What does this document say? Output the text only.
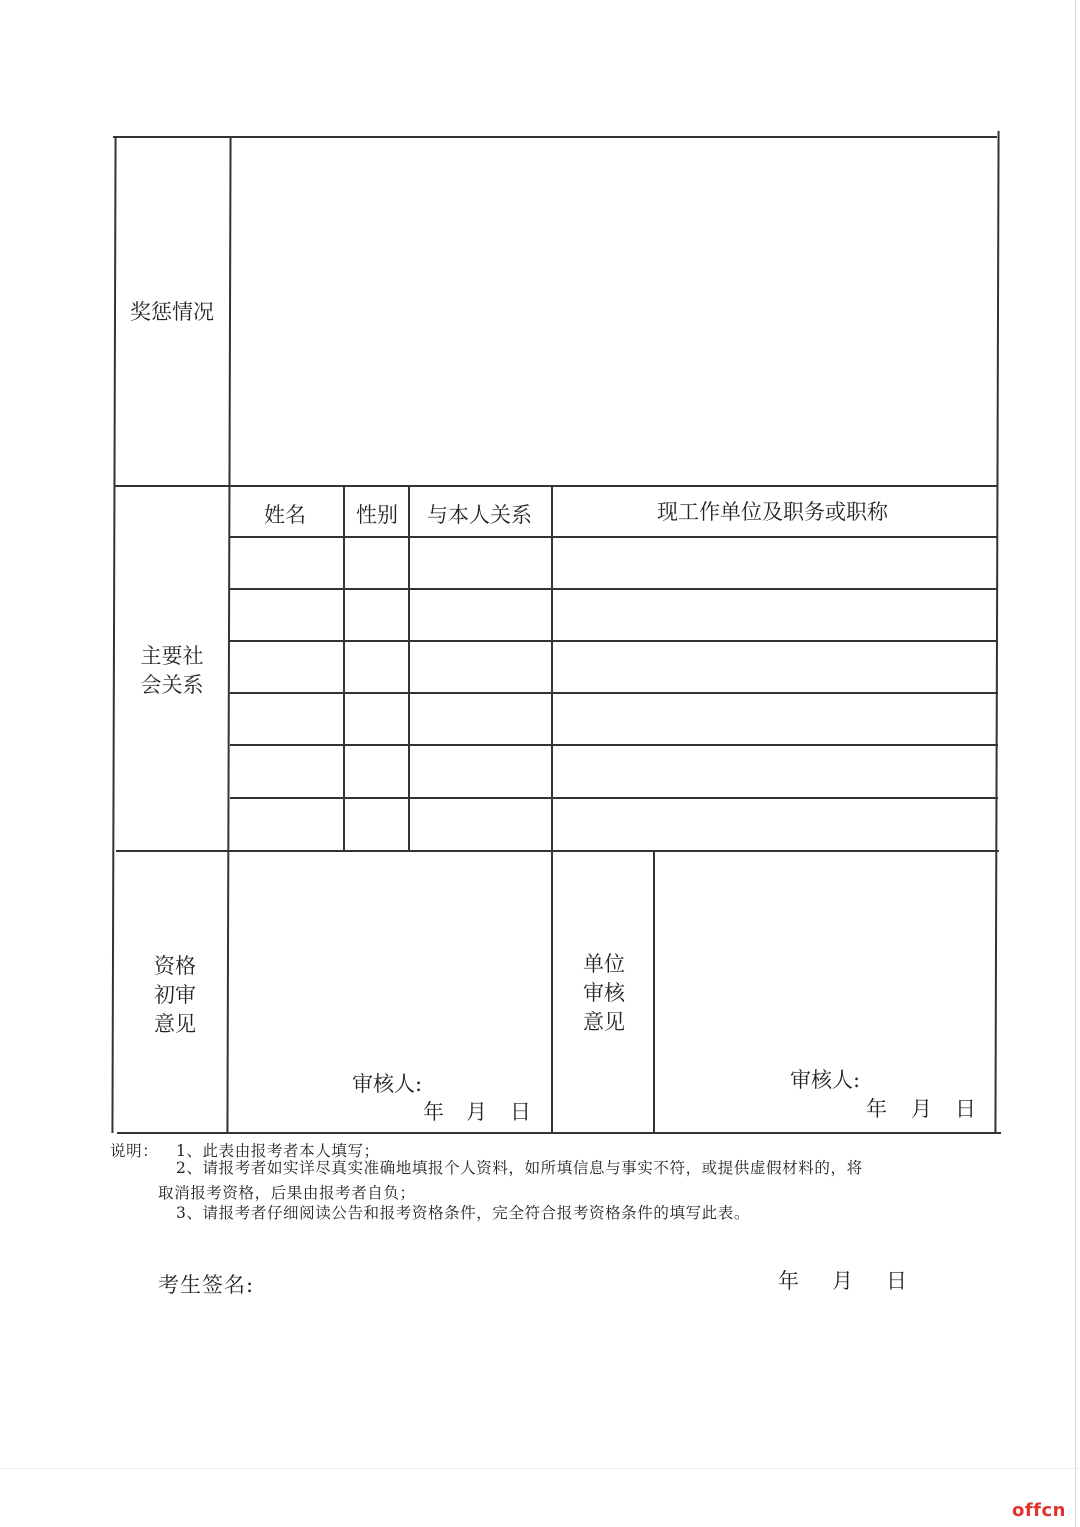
奖惩情况
主要社
会关系
姓名 性别 与本人关系	现工作单位及职务或职称
资格
初审
意见
审核人:
年 月 日
单位
审核
意见
审核人:
年 月 日
说明： 1、此表由报考者本人填写；
2、请报考者如实详尽真实准确地填报个人资料，如所填信息与事实不符，或提供虚假材料的，将
取消报考资格，后果由报考者自负；
3、请报考者仔细阅读公告和报考资格条件，完全符合报考资格条件的填写此表。
考生签名:	年 月 日
offcn
